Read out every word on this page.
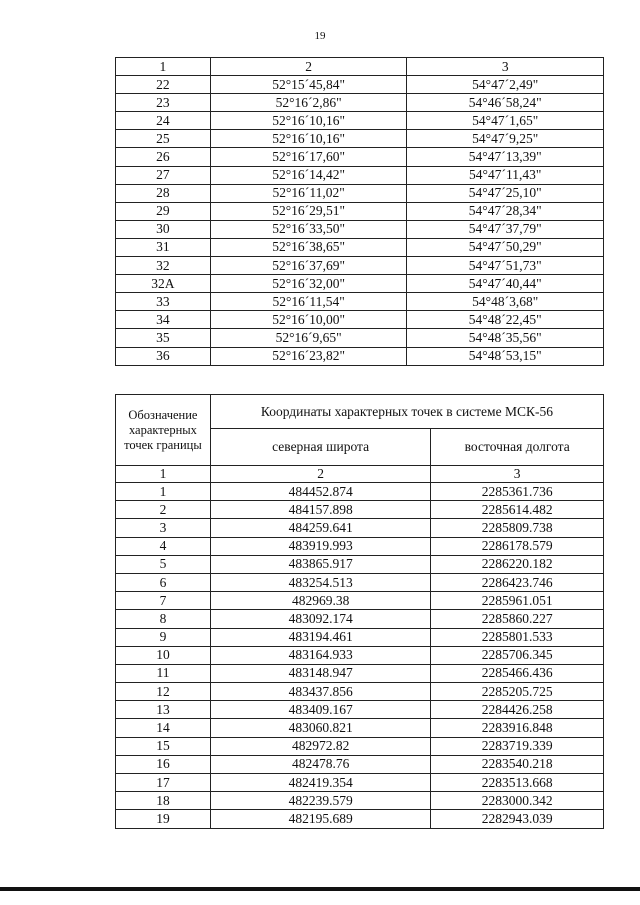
19
1	2	3
22	52°15´45,84"	54°47´2,49"
23	52°16´2,86"	54°46´58,24"
24	52°16´10,16"	54°47´1,65"
25	52°16´10,16"	54°47´9,25"
26	52°16´17,60"	54°47´13,39"
27	52°16´14,42"	54°47´11,43"
28	52°16´11,02"	54°47´25,10"
29	52°16´29,51"	54°47´28,34"
30	52°16´33,50"	54°47´37,79"
31	52°16´38,65"	54°47´50,29"
32	52°16´37,69"	54°47´51,73"
32А	52°16´32,00"	54°47´40,44"
33	52°16´11,54"	54°48´3,68"
34	52°16´10,00"	54°48´22,45"
35	52°16´9,65"	54°48´35,56"
36	52°16´23,82"	54°48´53,15"
Обозначение характерных точек границы	Координаты характерных точек в системе МСК-56	
	северная широта	восточная долгота
1	2	3
1	484452.874	2285361.736
2	484157.898	2285614.482
3	484259.641	2285809.738
4	483919.993	2286178.579
5	483865.917	2286220.182
6	483254.513	2286423.746
7	482969.38	2285961.051
8	483092.174	2285860.227
9	483194.461	2285801.533
10	483164.933	2285706.345
11	483148.947	2285466.436
12	483437.856	2285205.725
13	483409.167	2284426.258
14	483060.821	2283916.848
15	482972.82	2283719.339
16	482478.76	2283540.218
17	482419.354	2283513.668
18	482239.579	2283000.342
19	482195.689	2282943.039
